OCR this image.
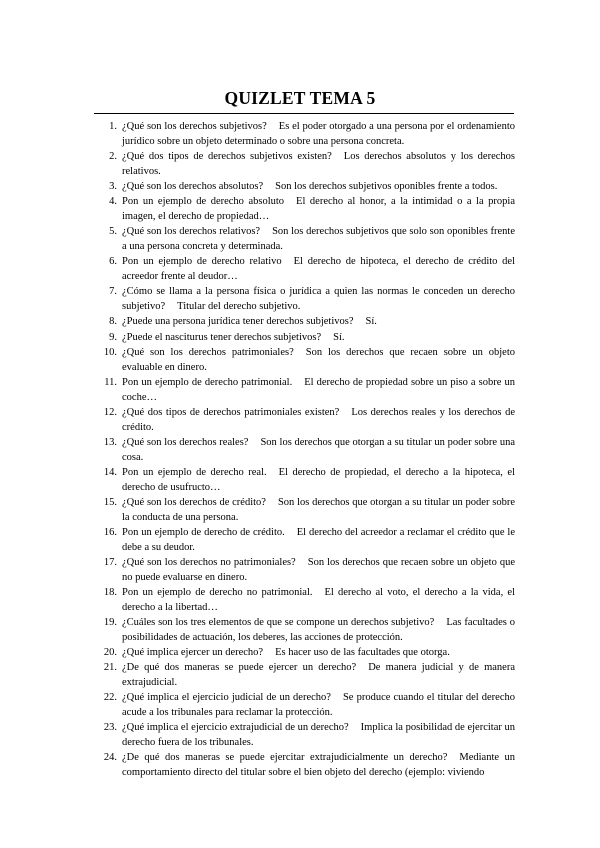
QUIZLET TEMA 5
1. ¿Qué son los derechos subjetivos? Es el poder otorgado a una persona por el ordenamiento jurídico sobre un objeto determinado o sobre una persona concreta.
2. ¿Qué dos tipos de derechos subjetivos existen? Los derechos absolutos y los derechos relativos.
3. ¿Qué son los derechos absolutos? Son los derechos subjetivos oponibles frente a todos.
4. Pon un ejemplo de derecho absoluto El derecho al honor, a la intimidad o a la propia imagen, el derecho de propiedad…
5. ¿Qué son los derechos relativos? Son los derechos subjetivos que solo son oponibles frente a una persona concreta y determinada.
6. Pon un ejemplo de derecho relativo El derecho de hipoteca, el derecho de crédito del acreedor frente al deudor…
7. ¿Cómo se llama a la persona física o jurídica a quien las normas le conceden un derecho subjetivo? Titular del derecho subjetivo.
8. ¿Puede una persona jurídica tener derechos subjetivos? Sí.
9. ¿Puede el nasciturus tener derechos subjetivos? Sí.
10. ¿Qué son los derechos patrimoniales? Son los derechos que recaen sobre un objeto evaluable en dinero.
11. Pon un ejemplo de derecho patrimonial. El derecho de propiedad sobre un piso a sobre un coche…
12. ¿Qué dos tipos de derechos patrimoniales existen? Los derechos reales y los derechos de crédito.
13. ¿Qué son los derechos reales? Son los derechos que otorgan a su titular un poder sobre una cosa.
14. Pon un ejemplo de derecho real. El derecho de propiedad, el derecho a la hipoteca, el derecho de usufructo…
15. ¿Qué son los derechos de crédito? Son los derechos que otorgan a su titular un poder sobre la conducta de una persona.
16. Pon un ejemplo de derecho de crédito. El derecho del acreedor a reclamar el crédito que le debe a su deudor.
17. ¿Qué son los derechos no patrimoniales? Son los derechos que recaen sobre un objeto que no puede evaluarse en dinero.
18. Pon un ejemplo de derecho no patrimonial. El derecho al voto, el derecho a la vida, el derecho a la libertad…
19. ¿Cuáles son los tres elementos de que se compone un derechos subjetivo? Las facultades o posibilidades de actuación, los deberes, las acciones de protección.
20. ¿Qué implica ejercer un derecho? Es hacer uso de las facultades que otorga.
21. ¿De qué dos maneras se puede ejercer un derecho? De manera judicial y de manera extrajudicial.
22. ¿Qué implica el ejercicio judicial de un derecho? Se produce cuando el titular del derecho acude a los tribunales para reclamar la protección.
23. ¿Qué implica el ejercicio extrajudicial de un derecho? Implica la posibilidad de ejercitar un derecho fuera de los tribunales.
24. ¿De qué dos maneras se puede ejercitar extrajudicialmente un derecho? Mediante un comportamiento directo del titular sobre el bien objeto del derecho (ejemplo: viviendo
